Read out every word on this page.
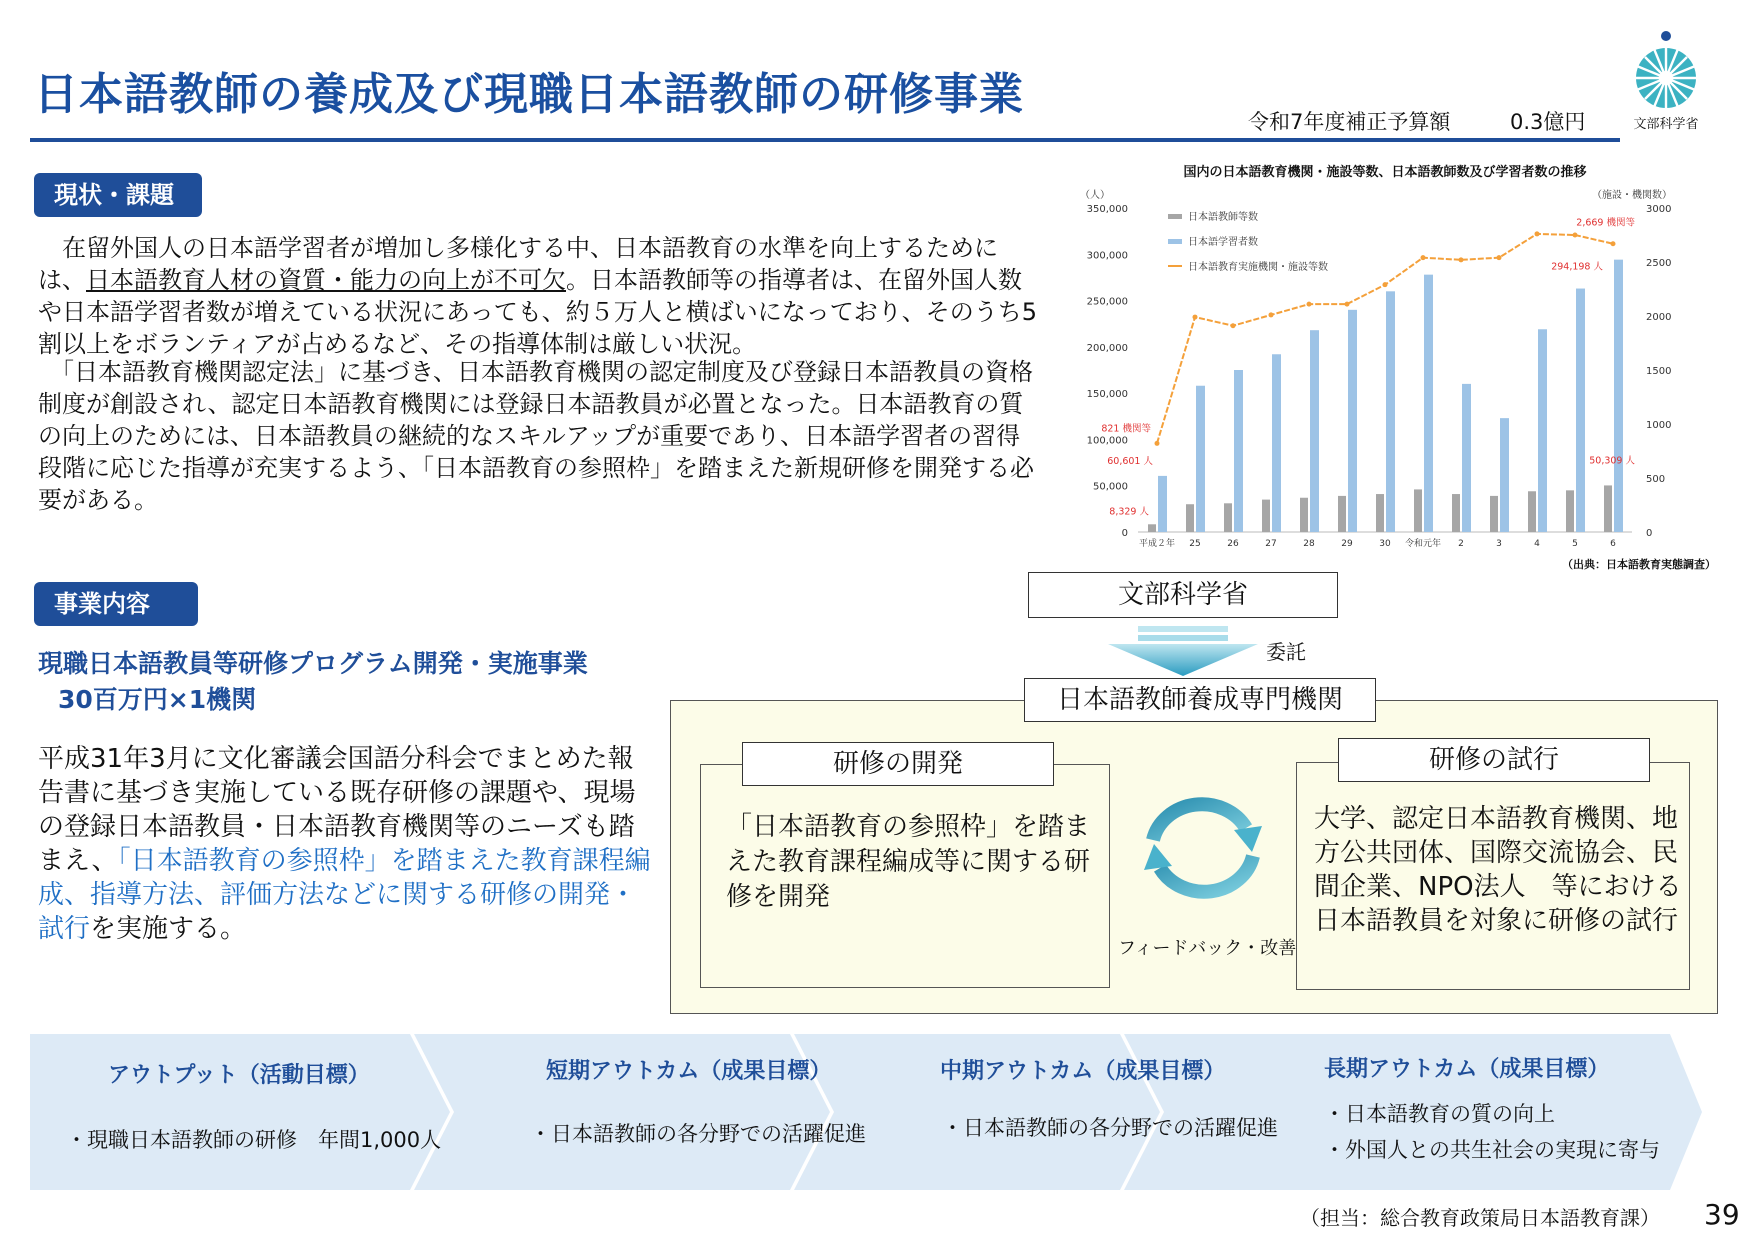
日本語教師の養成及び現職日本語教師の研修事業
令和7年度補正予算額	0.3億円	文部科学省
現状・課題
　在留外国人の日本語学習者が増加し多様化する中、日本語教育の水準を向上するためには、日本語教育人材の資質・能力の向上が不可欠。日本語教師等の指導者は、在留外国人数や日本語学習者数が増えている状況にあっても、約５万人と横ばいになっており、そのうち5割以上をボランティアが占めるなど、その指導体制は厳しい状況。
　「日本語教育機関認定法」に基づき、日本語教育機関の認定制度及び登録日本語教員の資格制度が創設され、認定日本語教育機関には登録日本語教員が必置となった。日本語教育の質の向上のためには、日本語教員の継続的なスキルアップが重要であり、日本語学習者の習得段階に応じた指導が充実するよう、「日本語教育の参照枠」を踏まえた新規研修を開発する必要がある。
国内の日本語教育機関・施設等数、日本語教師数及び学習者数の推移
（人）	（施設・機関数）
0
50,000
100,000
150,000
200,000
250,000
300,000
350,000
0
500
1000
1500
2000
2500
3000
平成２年 25	26	27	28	29	30 令和元年 2	3	4	5	6
日本語教師等数
日本語学習者数
日本語教育実施機関・施設等数
821 機関等
60,601 人
8,329 人
2,669 機関等
294,198 人
50,309 人
（出典：日本語教育実態調査）
事業内容
現職日本語教員等研修プログラム開発・実施事業
30百万円×1機関
平成31年3月に文化審議会国語分科会でまとめた報告書に基づき実施している既存研修の課題や、現場の登録日本語教員・日本語教育機関等のニーズも踏まえ、「日本語教育の参照枠」を踏まえた教育課程編成、指導方法、評価方法などに関する研修の開発・試行を実施する。
文部科学省
委託
日本語教師養成専門機関
研修の開発
「日本語教育の参照枠」を踏まえた教育課程編成等に関する研修を開発
研修の試行
大学、認定日本語教育機関、地方公共団体、国際交流協会、民間企業、NPO法人　等における日本語教員を対象に研修の試行
フィードバック・改善
アウトプット（活動目標）
・現職日本語教師の研修　年間1,000人
短期アウトカム（成果目標）
・日本語教師の各分野での活躍促進
中期アウトカム（成果目標）
・日本語教師の各分野での活躍促進
長期アウトカム（成果目標）
・日本語教育の質の向上
・外国人との共生社会の実現に寄与
（担当：総合教育政策局日本語教育課） 39
